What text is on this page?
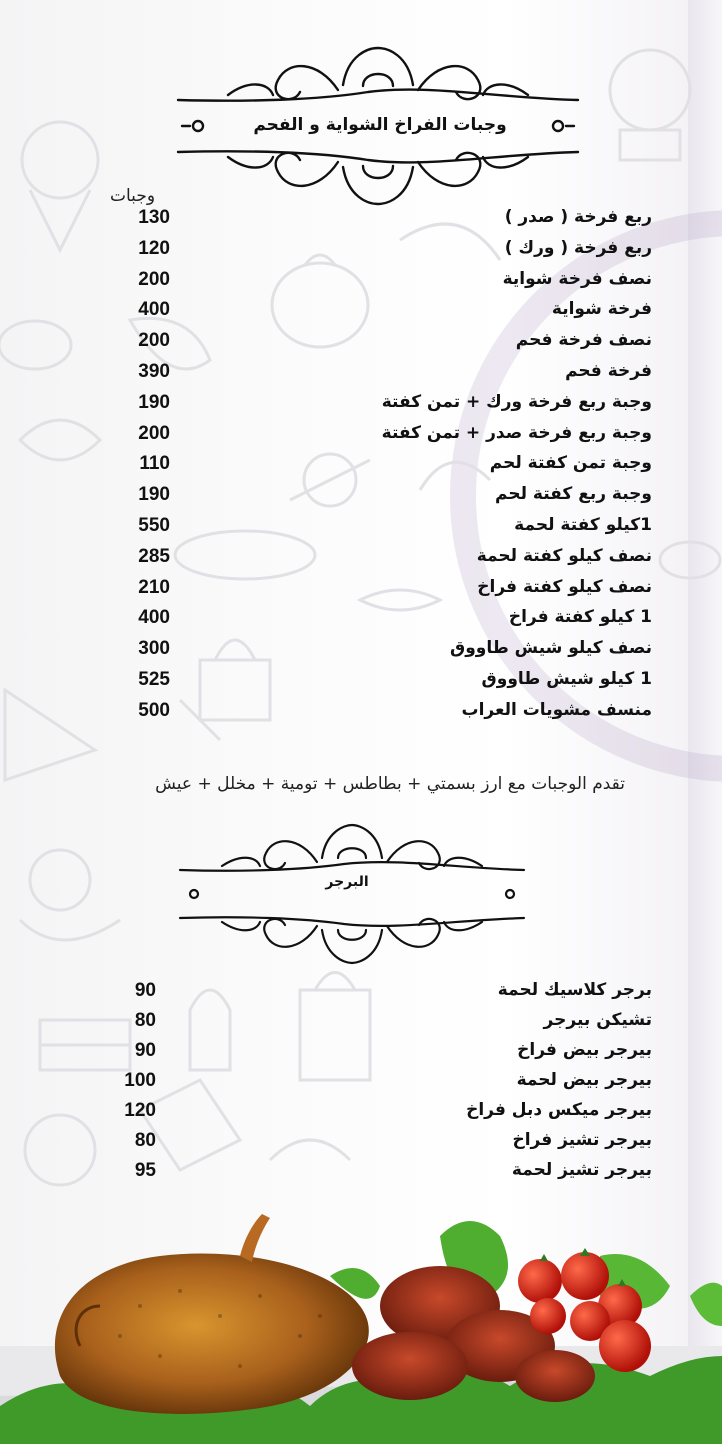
وجبات الفراخ الشواية و الفحم
وجبات
ربع فرخة ( صدر )
130
ربع فرخة ( ورك )
120
نصف فرخة شواية
200
فرخة شواية
400
نصف فرخة فحم
200
فرخة فحم
390
وجبة ربع فرخة ورك + تمن كفتة
190
وجبة ربع فرخة صدر + تمن كفتة
200
وجبة تمن كفتة لحم
110
وجبة ربع كفتة لحم
190
1كيلو كفتة لحمة
550
نصف كيلو كفتة لحمة
285
نصف كيلو كفتة فراخ
210
1 كيلو كفتة فراخ
400
نصف كيلو شيش طاووق
300
1 كيلو شيش طاووق
525
منسف مشويات العراب
500
تقدم الوجبات مع ارز بسمتي + بطاطس + تومية + مخلل + عيش
البرجر
برجر كلاسيك لحمة
90
تشيكن بيرجر
80
بيرجر بيض فراخ
90
بيرجر بيض لحمة
100
بيرجر ميكس دبل فراخ
120
بيرجر تشيز فراخ
80
بيرجر تشيز لحمة
95
